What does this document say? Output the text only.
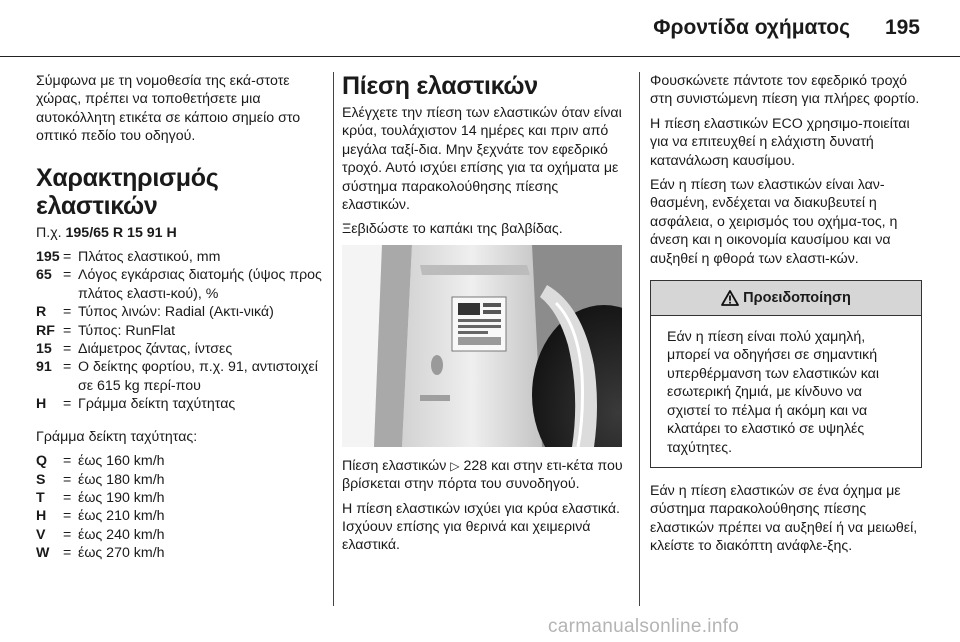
Φροντίδα οχήματος 195

Σύμφωνα με τη νομοθεσία της εκά-στοτε χώρας, πρέπει να τοποθετήσετε μια αυτοκόλλητη ετικέτα σε κάποιο σημείο στο οπτικό πεδίο του οδηγού.

Χαρακτηρισμός ελαστικών

Π.χ. 195/65 R 15 91 H

195 = Πλάτος ελαστικού, mm
65 = Λόγος εγκάρσιας διατομής (ύψος προς πλάτος ελαστι-κού), %
R	= Τύπος λινών: Radial (Ακτι-νικά)
RF = Τύπος: RunFlat
15 = Διάμετρος ζάντας, ίντσες
91 = Ο δείκτης φορτίου, π.χ. 91, αντιστοιχεί σε 615 kg περί-που
H	= Γράμμα δείκτη ταχύτητας

Γράμμα δείκτη ταχύτητας:

Q	= έως 160 km/h
S	= έως 180 km/h
T	= έως 190 km/h
H	= έως 210 km/h
V	= έως 240 km/h
W = έως 270 km/h
Πίεση ελαστικών

Ελέγχετε την πίεση των ελαστικών όταν είναι κρύα, τουλάχιστον 14 ημέρες και πριν από μεγάλα ταξί-δια. Μην ξεχνάτε τον εφεδρικό τροχό. Αυτό ισχύει επίσης για τα οχήματα με σύστημα παρακολούθησης πίεσης ελαστικών.

Ξεβιδώστε το καπάκι της βαλβίδας.

Πίεση ελαστικών ▷ 228 και στην ετι-κέτα που βρίσκεται στην πόρτα του συνοδηγού.

Η πίεση ελαστικών ισχύει για κρύα ελαστικά. Ισχύουν επίσης για θερινά και χειμερινά ελαστικά.

Φουσκώνετε πάντοτε τον εφεδρικό τροχό στη συνιστώμενη πίεση για πλήρες φορτίο.

Η πίεση ελαστικών ECO χρησιμο-ποιείται για να επιτευχθεί η ελάχιστη δυνατή κατανάλωση καυσίμου.

Εάν η πίεση των ελαστικών είναι λαν-θασμένη, ενδέχεται να διακυβευτεί η ασφάλεια, ο χειρισμός του οχήμα-τος, η άνεση και η οικονομία καυσίμου και να αυξηθεί η φθορά των ελαστι-κών.

Προειδοποίηση
Εάν η πίεση είναι πολύ χαμηλή, μπορεί να οδηγήσει σε σημαντική υπερθέρμανση των ελαστικών και εσωτερική ζημιά, με κίνδυνο να σχιστεί το πέλμα ή ακόμη και να κλατάρει το ελαστικό σε υψηλές ταχύτητες.

Εάν η πίεση ελαστικών σε ένα όχημα με σύστημα παρακολούθησης πίεσης ελαστικών πρέπει να αυξηθεί ή να μειωθεί, κλείστε το διακόπτη ανάφλε-ξης.

carmanualsonline.info
